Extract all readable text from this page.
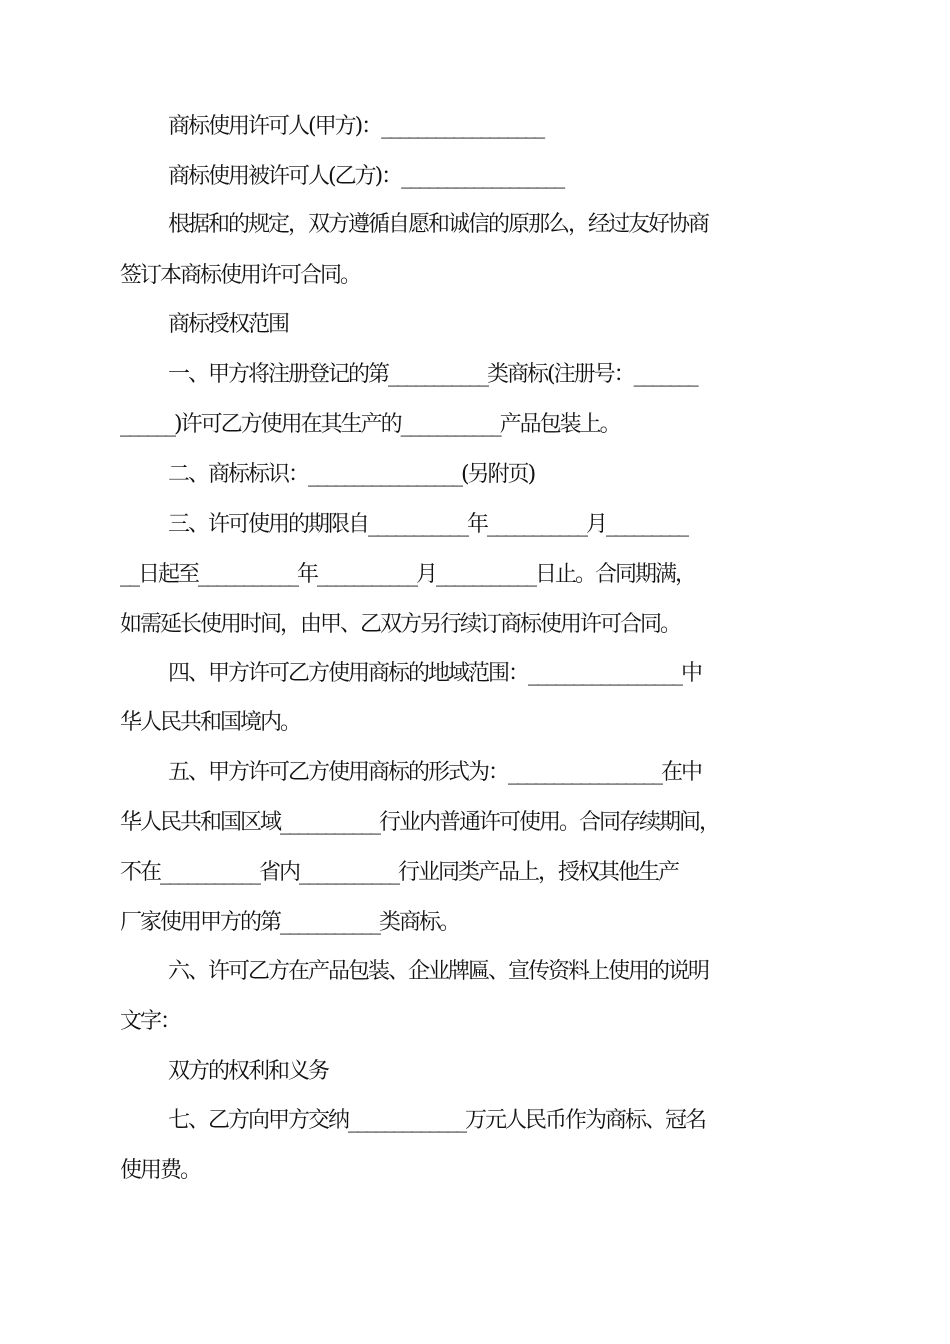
商标使用许可人(甲方)：__________________
商标使用被许可人(乙方)：__________________
根据和的规定，双方遵循自愿和诚信的原那么，经过友好协商
签订本商标使用许可合同。
商标授权范围
一、甲方将注册登记的第___________类商标(注册号：_______
______)许可乙方使用在其生产的___________产品包装上。
二、商标标识：_________________(另附页)
三、许可使用的期限自___________年___________月_________
__日起至___________年___________月___________日止。合同期满，
如需延长使用时间，由甲、乙双方另行续订商标使用许可合同。
四、甲方许可乙方使用商标的地域范围：_________________中
华人民共和国境内。
五、甲方许可乙方使用商标的形式为：_________________在中
华人民共和国区域___________行业内普通许可使用。合同存续期间，
不在___________省内___________行业同类产品上，授权其他生产
厂家使用甲方的第___________类商标。
六、许可乙方在产品包装、企业牌匾、宣传资料上使用的说明
文字：
双方的权利和义务
七、乙方向甲方交纳_____________万元人民币作为商标、冠名
使用费。
